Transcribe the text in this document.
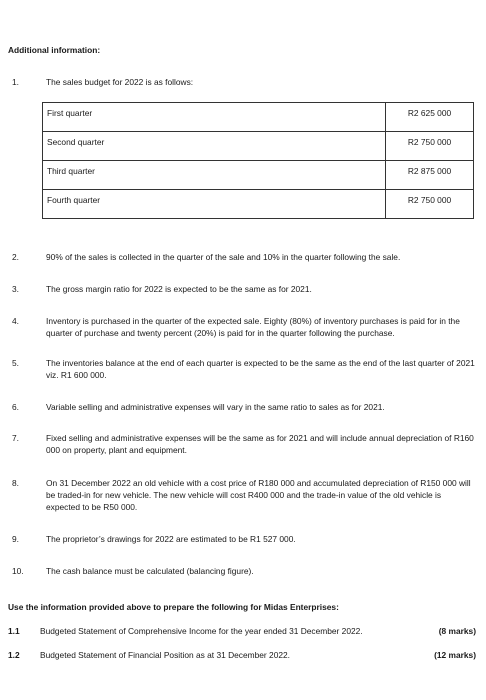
Additional information:
1.	The sales budget for 2022 is as follows:
First quarter	R2 625 000
Second quarter	R2 750 000
Third quarter	R2 875 000
Fourth quarter	R2 750 000
2.	90% of the sales is collected in the quarter of the sale and 10% in the quarter following the sale.
3.	The gross margin ratio for 2022 is expected to be the same as for 2021.
4.	Inventory is purchased in the quarter of the expected sale. Eighty (80%) of inventory purchases is paid for in the quarter of purchase and twenty percent (20%) is paid for in the quarter following the purchase.
5.	The inventories balance at the end of each quarter is expected to be the same as the end of the last quarter of 2021 viz. R1 600 000.
6.	Variable selling and administrative expenses will vary in the same ratio to sales as for 2021.
7.	Fixed selling and administrative expenses will be the same as for 2021 and will include annual depreciation of R160 000 on property, plant and equipment.
8.	On 31 December 2022 an old vehicle with a cost price of R180 000 and accumulated depreciation of R150 000 will be traded-in for new vehicle. The new vehicle will cost R400 000 and the trade-in value of the old vehicle is expected to be R50 000.
9.	The proprietor’s drawings for 2022 are estimated to be R1 527 000.
10.	The cash balance must be calculated (balancing figure).
Use the information provided above to prepare the following for Midas Enterprises:
1.1 Budgeted Statement of Comprehensive Income for the year ended 31 December 2022.	(8 marks)
1.2 Budgeted Statement of Financial Position as at 31 December 2022.	(12 marks)
